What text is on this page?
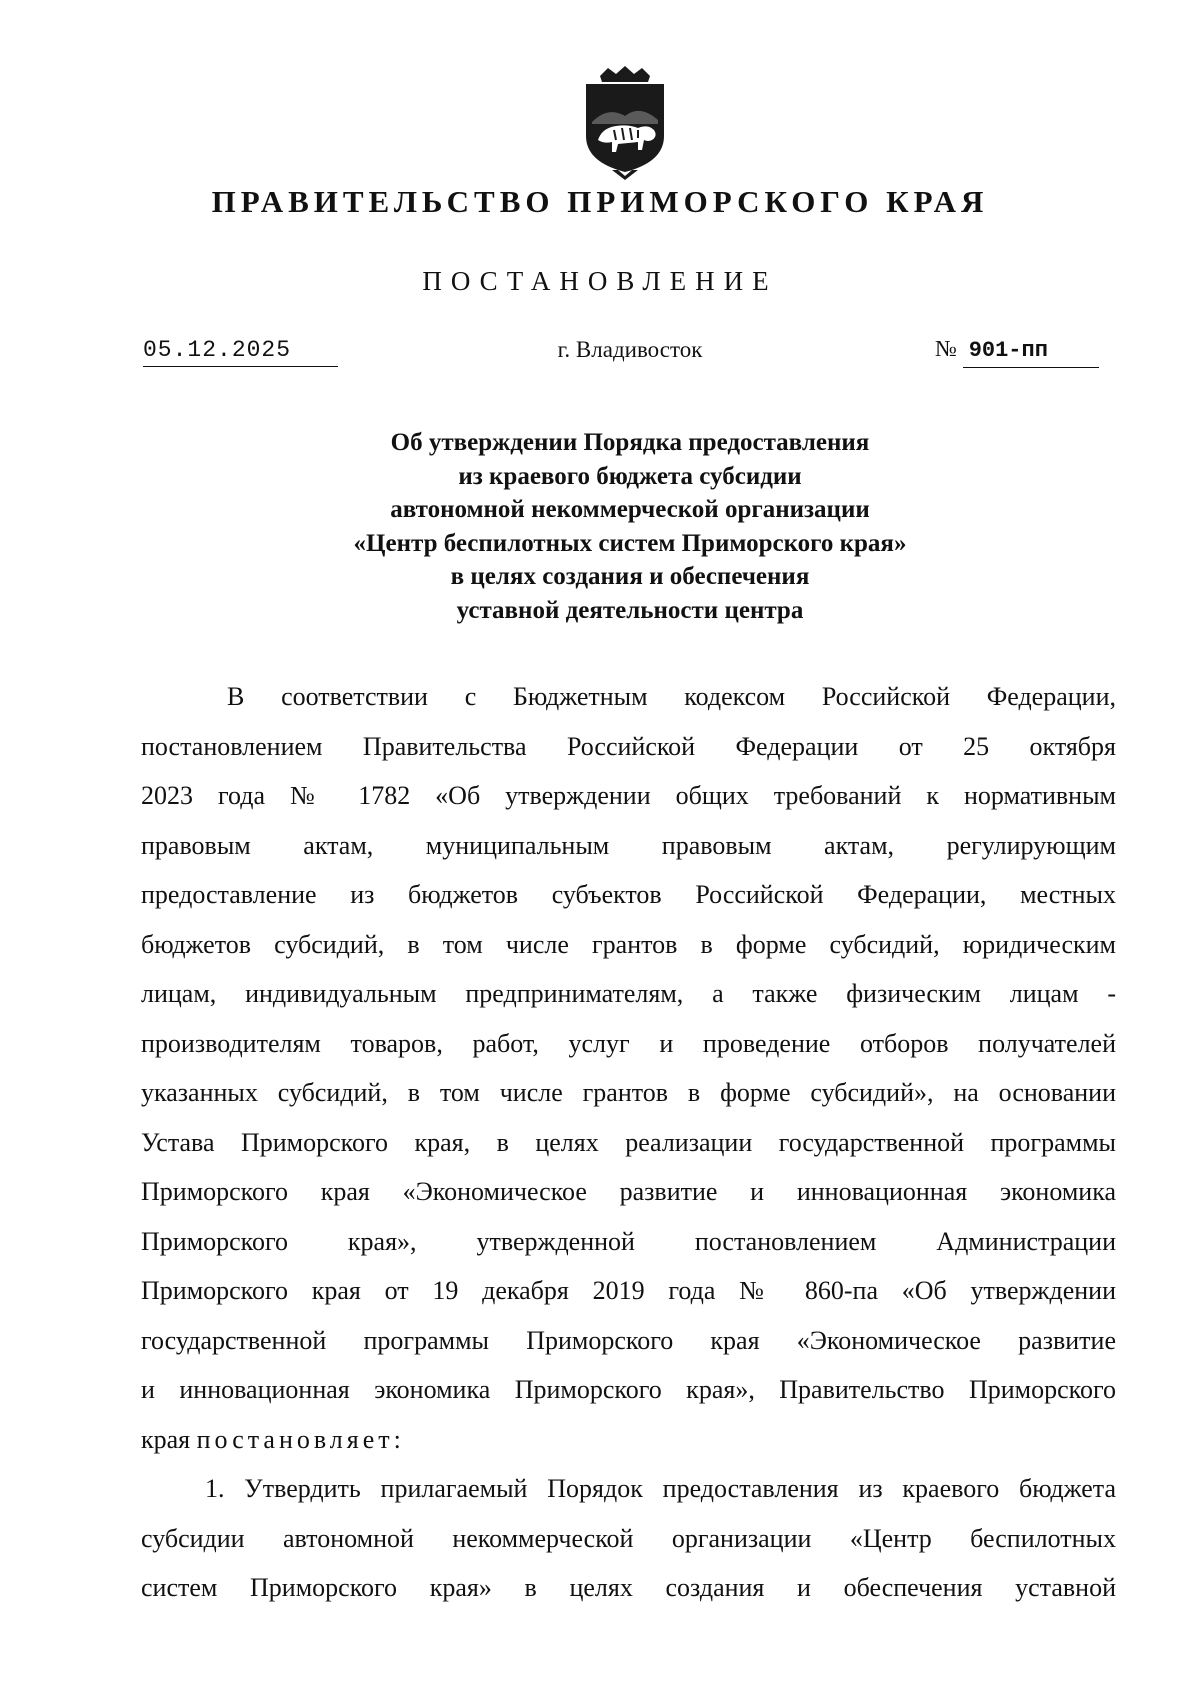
ПРАВИТЕЛЬСТВО ПРИМОРСКОГО КРАЯ
ПОСТАНОВЛЕНИЕ
05.12.2025	г. Владивосток	№ 901-пп
Об утверждении Порядка предоставления
из краевого бюджета субсидии
автономной некоммерческой организации
«Центр беспилотных систем Приморского края»
в целях создания и обеспечения
уставной деятельности центра
В соответствии с Бюджетным кодексом Российской Федерации,
постановлением Правительства Российской Федерации от 25 октября
2023 года № 1782 «Об утверждении общих требований к нормативным
правовым актам, муниципальным правовым актам, регулирующим
предоставление из бюджетов субъектов Российской Федерации, местных
бюджетов субсидий, в том числе грантов в форме субсидий, юридическим
лицам, индивидуальным предпринимателям, а также физическим лицам -
производителям товаров, работ, услуг и проведение отборов получателей
указанных субсидий, в том числе грантов в форме субсидий», на основании
Устава Приморского края, в целях реализации государственной программы
Приморского края «Экономическое развитие и инновационная экономика
Приморского края», утвержденной постановлением Администрации
Приморского края от 19 декабря 2019 года № 860-па «Об утверждении
государственной программы Приморского края «Экономическое развитие
и инновационная экономика Приморского края», Правительство Приморского
края постановляет:
1. Утвердить прилагаемый Порядок предоставления из краевого бюджета
субсидии автономной некоммерческой организации «Центр беспилотных
систем Приморского края» в целях создания и обеспечения уставной
